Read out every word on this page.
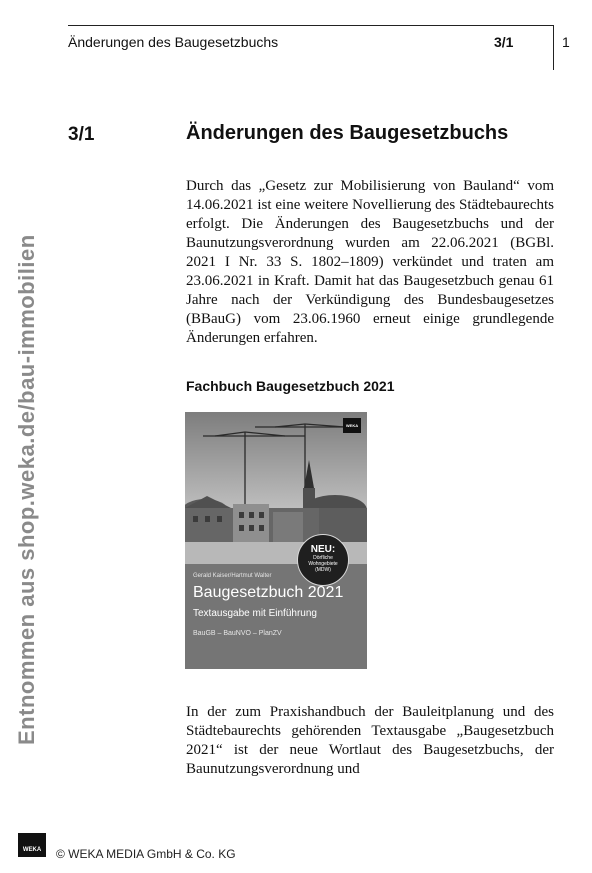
Änderungen des Baugesetzbuchs	3/1	1
Entnommen aus shop.weka.de/bau-immobilien
3/1	Änderungen des Baugesetzbuchs
Durch das „Gesetz zur Mobilisierung von Bauland“ vom 14.06.2021 ist eine weitere Novellierung des Städtebaurechts erfolgt. Die Änderungen des Baugesetzbuchs und der Baunutzungsverordnung wurden am 22.06.2021 (BGBl. 2021 I Nr. 33 S. 1802–1809) verkündet und traten am 23.06.2021 in Kraft. Damit hat das Baugesetzbuch genau 61 Jahre nach der Verkündigung des Bundesbaugesetzes (BBauG) vom 23.06.1960 erneut einige grundlegende Änderungen erfahren.
Fachbuch Baugesetzbuch 2021
WEKA
NEU:
Dörfliche Wohngebiete (MDW)
Gerald Kaiser/Hartmut Walter
Baugesetzbuch 2021
Textausgabe mit Einführung
BauGB – BauNVO – PlanZV
In der zum Praxishandbuch der Bauleitplanung und des Städtebaurechts gehörenden Textausgabe „Baugesetzbuch 2021“ ist der neue Wortlaut des Baugesetzbuchs, der Baunutzungsverordnung und
WEKA	© WEKA MEDIA GmbH & Co. KG
